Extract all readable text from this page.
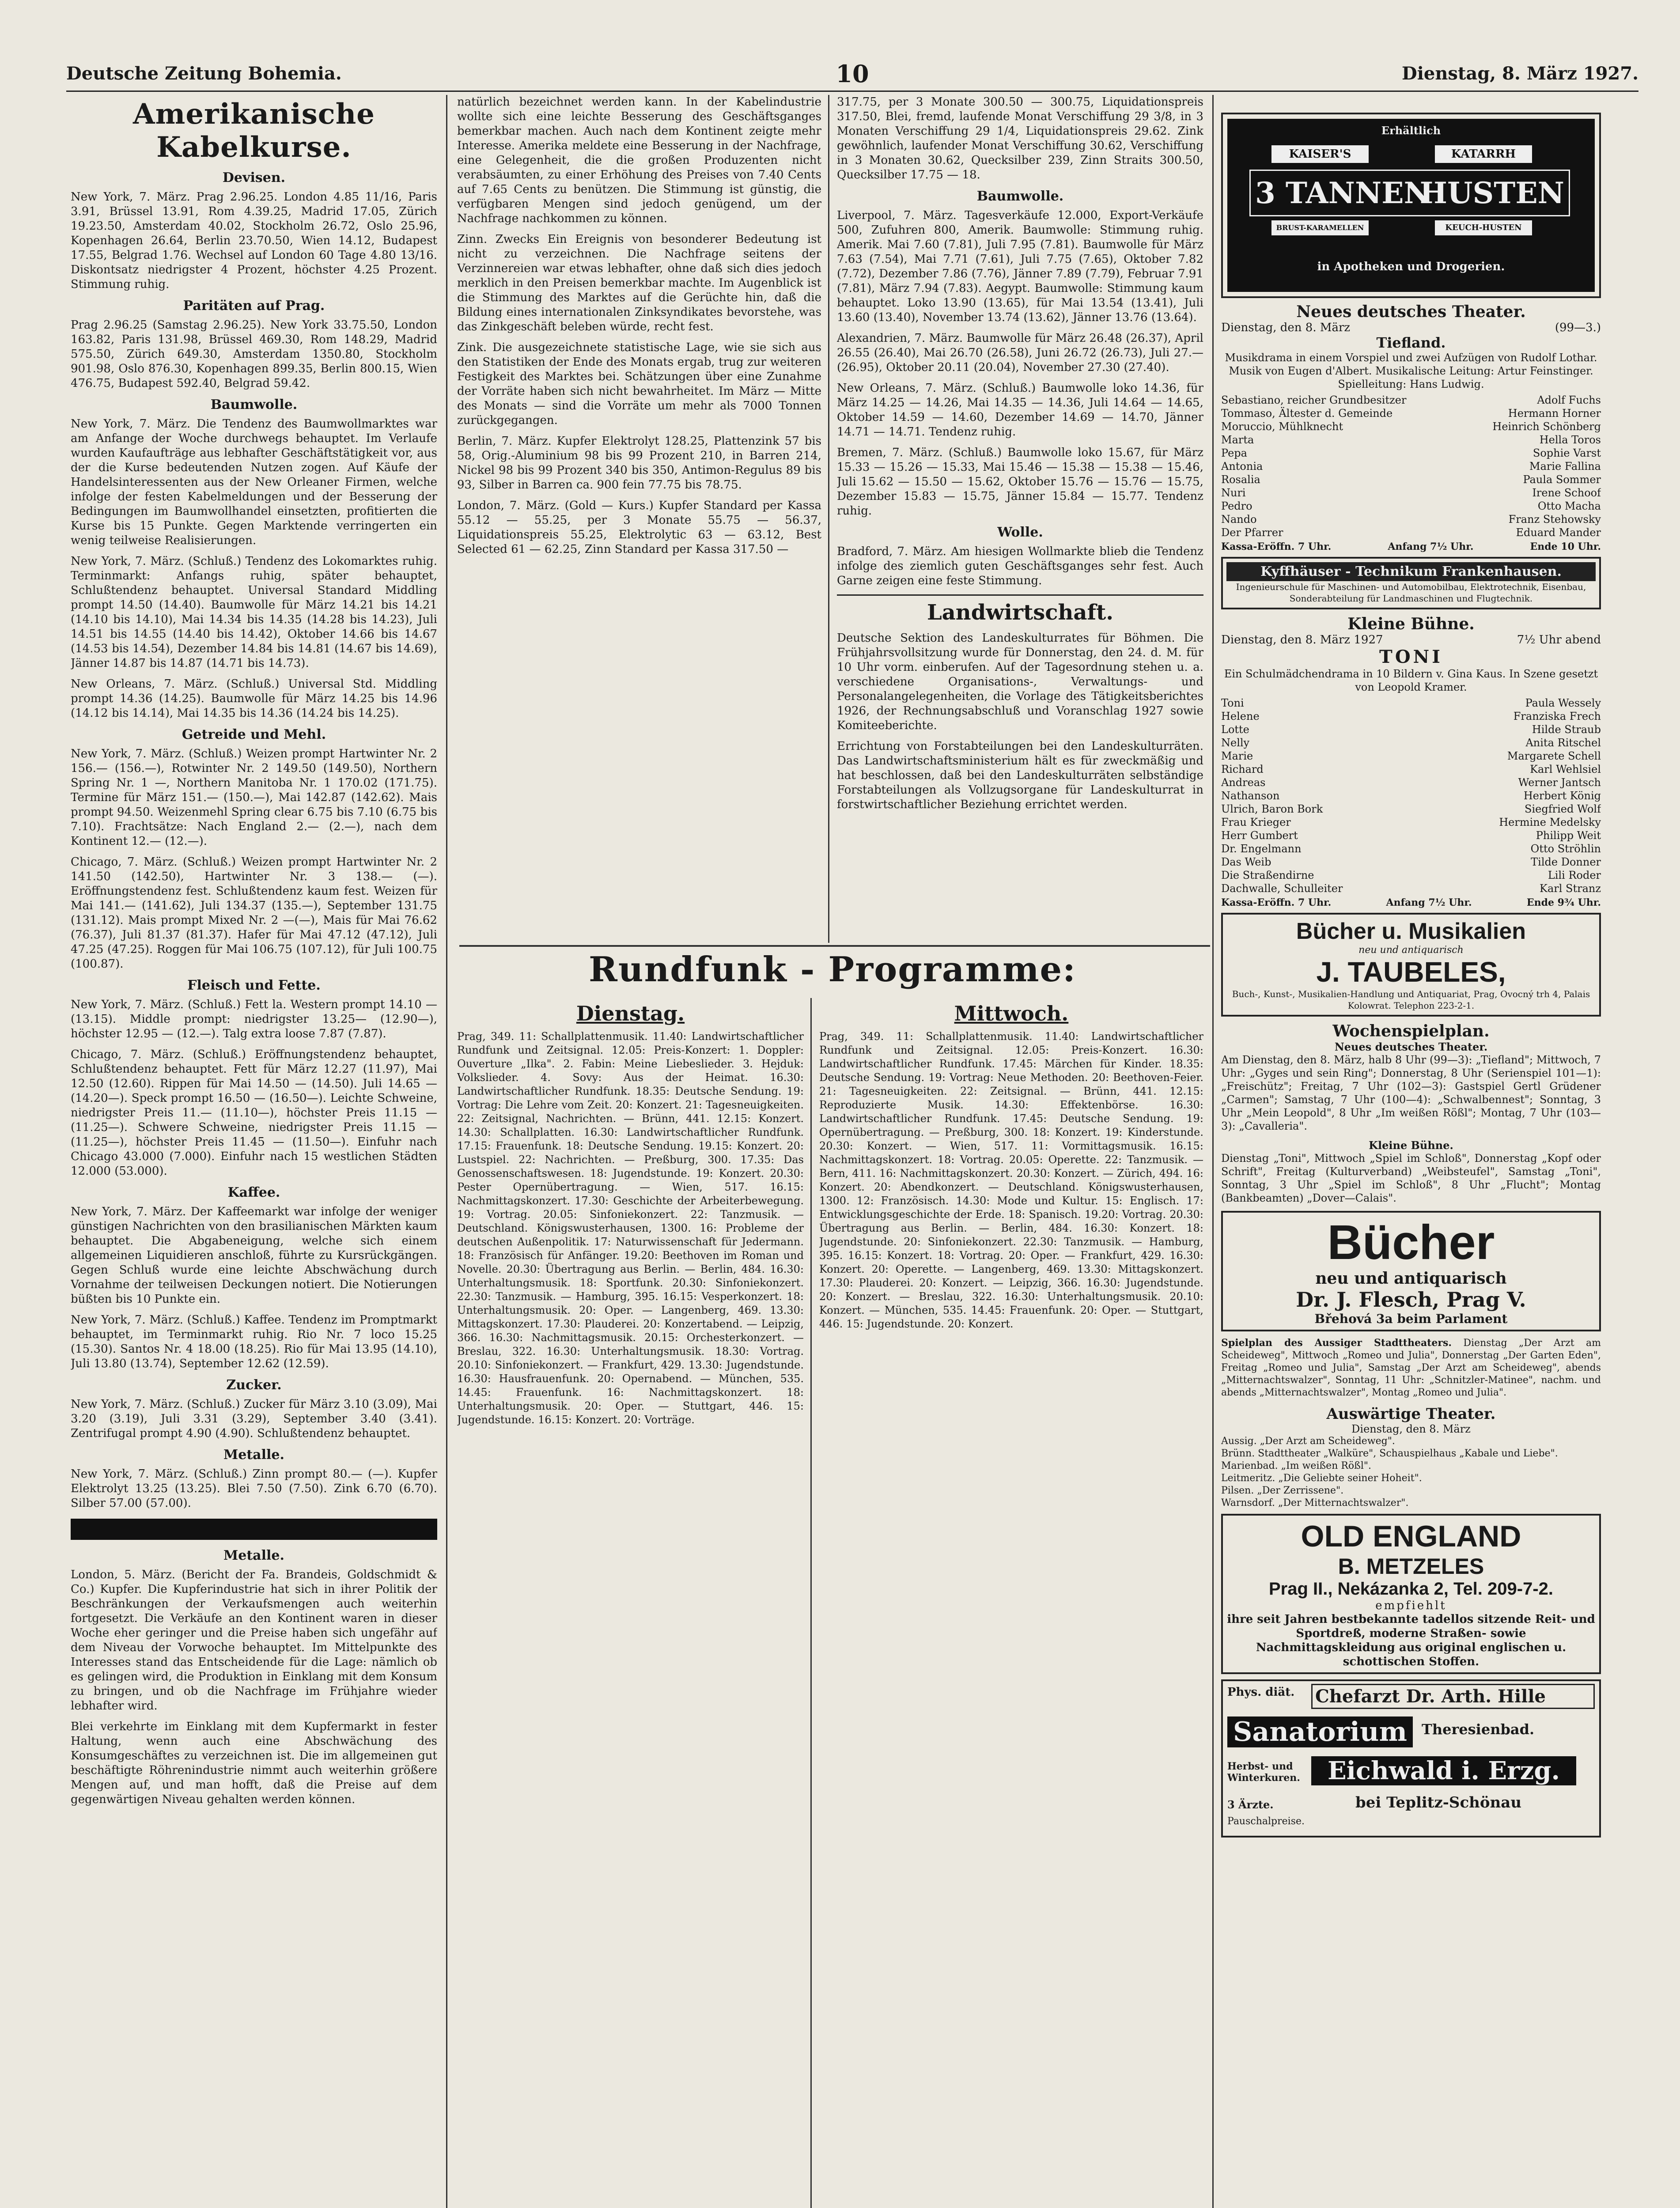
Deutsche Zeitung Bohemia.	10	Dienstag, 8. März 1927.
Amerikanische Kabelkurse.
Devisen.

New York, 7. März. Prag 2.96.25. London 4.85 11/16, Paris 3.91, Brüssel 13.91, Rom 4.39.25, Madrid 17.05, Zürich 19.23.50, Amsterdam 40.02, Stockholm 26.72, Oslo 25.96, Kopenhagen 26.64, Berlin 23.70.50, Wien 14.12, Budapest 17.55, Belgrad 1.76. Wechsel auf London 60 Tage 4.80 13/16. Diskontsatz niedrigster 4 Prozent, höchster 4.25 Prozent. Stimmung ruhig.

Paritäten auf Prag.

Prag 2.96.25 (Samstag 2.96.25). New York 33.75.50, London 163.82, Paris 131.98, Brüssel 469.30, Rom 148.29, Madrid 575.50, Zürich 649.30, Amsterdam 1350.80, Stockholm 901.98, Oslo 876.30, Kopenhagen 899.35, Berlin 800.15, Wien 476.75, Budapest 592.40, Belgrad 59.42.

Baumwolle.

New York, 7. März. Die Tendenz des Baumwollmarktes war am Anfange der Woche durchwegs behauptet. Im Verlaufe wurden Kaufaufträge aus lebhafter Geschäftstätigkeit vor, aus der die Kurse bedeutenden Nutzen zogen. Auf Käufe der Handelsinteressenten aus der New Orleaner Firmen, welche infolge der festen Kabelmeldungen und der Besserung der Bedingungen im Baumwollhandel einsetzten, profitierten die Kurse bis 15 Punkte. Gegen Marktende verringerten ein wenig teilweise Realisierungen.

New York, 7. März. (Schluß.) Tendenz des Lokomarktes ruhig. Terminmarkt: Anfangs ruhig, später behauptet, Schlußtendenz behauptet. Universal Standard Middling prompt 14.50 (14.40). Baumwolle für März 14.21 bis 14.21 (14.10 bis 14.10), Mai 14.34 bis 14.35 (14.28 bis 14.23), Juli 14.51 bis 14.55 (14.40 bis 14.42), Oktober 14.66 bis 14.67 (14.53 bis 14.54), Dezember 14.84 bis 14.81 (14.67 bis 14.69), Jänner 14.87 bis 14.87 (14.71 bis 14.73).

New Orleans, 7. März. (Schluß.) Universal Std. Middling prompt 14.36 (14.25). Baumwolle für März 14.25 bis 14.96 (14.12 bis 14.14), Mai 14.35 bis 14.36 (14.24 bis 14.25).

Getreide und Mehl.

New York, 7. März. (Schluß.) Weizen prompt Hartwinter Nr. 2 156.— (156.—), Rotwinter Nr. 2 149.50 (149.50), Northern Spring Nr. 1 —, Northern Manitoba Nr. 1 170.02 (171.75). Termine für März 151.— (150.—), Mai 142.87 (142.62). Mais prompt 94.50. Weizenmehl Spring clear 6.75 bis 7.10 (6.75 bis 7.10). Frachtsätze: Nach England 2.— (2.—), nach dem Kontinent 12.— (12.—).

Chicago, 7. März. (Schluß.) Weizen prompt Hartwinter Nr. 2 141.50 (142.50), Hartwinter Nr. 3 138.— (—). Eröffnungstendenz fest. Schlußtendenz kaum fest. Weizen für Mai 141.— (141.62), Juli 134.37 (135.—), September 131.75 (131.12). Mais prompt Mixed Nr. 2 —(—), Mais für Mai 76.62 (76.37), Juli 81.37 (81.37). Hafer für Mai 47.12 (47.12), Juli 47.25 (47.25). Roggen für Mai 106.75 (107.12), für Juli 100.75 (100.87).

Fleisch und Fette.

New York, 7. März. (Schluß.) Fett la. Western prompt 14.10 — (13.15). Middle prompt: niedrigster 13.25— (12.90—), höchster 12.95 — (12.—). Talg extra loose 7.87 (7.87).

Chicago, 7. März. (Schluß.) Eröffnungstendenz behauptet, Schlußtendenz behauptet. Fett für März 12.27 (11.97), Mai 12.50 (12.60). Rippen für Mai 14.50 — (14.50). Juli 14.65 — (14.20—). Speck prompt 16.50 — (16.50—). Leichte Schweine, niedrigster Preis 11.— (11.10—), höchster Preis 11.15 — (11.25—). Schwere Schweine, niedrigster Preis 11.15 — (11.25—), höchster Preis 11.45 — (11.50—). Einfuhr nach Chicago 43.000 (7.000). Einfuhr nach 15 westlichen Städten 12.000 (53.000).

Kaffee.

New York, 7. März. Der Kaffeemarkt war infolge der weniger günstigen Nachrichten von den brasilianischen Märkten kaum behauptet. Die Abgabeneigung, welche sich einem allgemeinen Liquidieren anschloß, führte zu Kursrückgängen. Gegen Schluß wurde eine leichte Abschwächung durch Vornahme der teilweisen Deckungen notiert. Die Notierungen büßten bis 10 Punkte ein.

New York, 7. März. (Schluß.) Kaffee. Tendenz im Promptmarkt behauptet, im Terminmarkt ruhig. Rio Nr. 7 loco 15.25 (15.30). Santos Nr. 4 18.00 (18.25). Rio für Mai 13.95 (14.10), Juli 13.80 (13.74), September 12.62 (12.59).

Zucker.

New York, 7. März. (Schluß.) Zucker für März 3.10 (3.09), Mai 3.20 (3.19), Juli 3.31 (3.29), September 3.40 (3.41). Zentrifugal prompt 4.90 (4.90). Schlußtendenz behauptet.

Metalle.

New York, 7. März. (Schluß.) Zinn prompt 80.— (—). Kupfer Elektrolyt 13.25 (13.25). Blei 7.50 (7.50). Zink 6.70 (6.70). Silber 57.00 (57.00).

Metalle.

London, 5. März. (Bericht der Fa. Brandeis, Goldschmidt & Co.) Kupfer. Die Kupferindustrie hat sich in ihrer Politik der Beschränkungen der Verkaufsmengen auch weiterhin fortgesetzt. Die Verkäufe an den Kontinent waren in dieser Woche eher geringer und die Preise haben sich ungefähr auf dem Niveau der Vorwoche behauptet. Im Mittelpunkte des Interesses stand das Entscheidende für die Lage: nämlich ob es gelingen wird, die Produktion in Einklang mit dem Konsum zu bringen, und ob die Nachfrage im Frühjahre wieder lebhafter wird.

Blei verkehrte im Einklang mit dem Kupfermarkt in fester Haltung, wenn auch eine Abschwächung des Konsumgeschäftes zu verzeichnen ist. Die im allgemeinen gut beschäftigte Röhrenindustrie nimmt auch weiterhin größere Mengen auf, und man hofft, daß die Preise auf dem gegenwärtigen Niveau gehalten werden können.

natürlich bezeichnet werden kann. In der Kabelindustrie wollte sich eine leichte Besserung des Geschäftsganges bemerkbar machen. Auch nach dem Kontinent zeigte mehr Interesse. Amerika meldete eine Besserung in der Nachfrage, eine Gelegenheit, die die großen Produzenten nicht verabsäumten, zu einer Erhöhung des Preises von 7.40 Cents auf 7.65 Cents zu benützen. Die Stimmung ist günstig, die verfügbaren Mengen sind jedoch genügend, um der Nachfrage nachkommen zu können.

Zinn. Zwecks Ein Ereignis von besonderer Bedeutung ist nicht zu verzeichnen. Die Nachfrage seitens der Verzinnereien war etwas lebhafter, ohne daß sich dies jedoch merklich in den Preisen bemerkbar machte. Im Augenblick ist die Stimmung des Marktes auf die Gerüchte hin, daß die Bildung eines internationalen Zinksyndikates bevorstehe, was das Zinkgeschäft beleben würde, recht fest.

Zink. Die ausgezeichnete statistische Lage, wie sie sich aus den Statistiken der Ende des Monats ergab, trug zur weiteren Festigkeit des Marktes bei. Schätzungen über eine Zunahme der Vorräte haben sich nicht bewahrheitet. Im März — Mitte des Monats — sind die Vorräte um mehr als 7000 Tonnen zurückgegangen.

Berlin, 7. März. Kupfer Elektrolyt 128.25, Plattenzink 57 bis 58, Orig.-Aluminium 98 bis 99 Prozent 210, in Barren 214, Nickel 98 bis 99 Prozent 340 bis 350, Antimon-Regulus 89 bis 93, Silber in Barren ca. 900 fein 77.75 bis 78.75.

London, 7. März. (Gold — Kurs.) Kupfer Standard per Kassa 55.12 — 55.25, per 3 Monate 55.75 — 56.37, Liquidationspreis 55.25, Elektrolytic 63 — 63.12, Best Selected 61 — 62.25, Zinn Standard per Kassa 317.50 —

317.75, per 3 Monate 300.50 — 300.75, Liquidationspreis 317.50, Blei, fremd, laufende Monat Verschiffung 29 3/8, in 3 Monaten Verschiffung 29 1/4, Liquidationspreis 29.62. Zink gewöhnlich, laufender Monat Verschiffung 30.62, Verschiffung in 3 Monaten 30.62, Quecksilber 239, Zinn Straits 300.50, Quecksilber 17.75 — 18.

Baumwolle.

Liverpool, 7. März. Tagesverkäufe 12.000, Export-Verkäufe 500, Zufuhren 800, Amerik. Baumwolle: Stimmung ruhig. Amerik. Mai 7.60 (7.81), Juli 7.95 (7.81). Baumwolle für März 7.63 (7.54), Mai 7.71 (7.61), Juli 7.75 (7.65), Oktober 7.82 (7.72), Dezember 7.86 (7.76), Jänner 7.89 (7.79), Februar 7.91 (7.81), März 7.94 (7.83). Aegypt. Baumwolle: Stimmung kaum behauptet. Loko 13.90 (13.65), für Mai 13.54 (13.41), Juli 13.60 (13.40), November 13.74 (13.62), Jänner 13.76 (13.64).

Alexandrien, 7. März. Baumwolle für März 26.48 (26.37), April 26.55 (26.40), Mai 26.70 (26.58), Juni 26.72 (26.73), Juli 27.— (26.95), Oktober 20.11 (20.04), November 27.30 (27.40).

New Orleans, 7. März. (Schluß.) Baumwolle loko 14.36, für März 14.25 — 14.26, Mai 14.35 — 14.36, Juli 14.64 — 14.65, Oktober 14.59 — 14.60, Dezember 14.69 — 14.70, Jänner 14.71 — 14.71. Tendenz ruhig.

Bremen, 7. März. (Schluß.) Baumwolle loko 15.67, für März 15.33 — 15.26 — 15.33, Mai 15.46 — 15.38 — 15.38 — 15.46, Juli 15.62 — 15.50 — 15.62, Oktober 15.76 — 15.76 — 15.75, Dezember 15.83 — 15.75, Jänner 15.84 — 15.77. Tendenz ruhig.

Wolle.

Bradford, 7. März. Am hiesigen Wollmarkte blieb die Tendenz infolge des ziemlich guten Geschäftsganges sehr fest. Auch Garne zeigen eine feste Stimmung.

Landwirtschaft.

Deutsche Sektion des Landeskulturrates für Böhmen. Die Frühjahrsvollsitzung wurde für Donnerstag, den 24. d. M. für 10 Uhr vorm. einberufen. Auf der Tagesordnung stehen u. a. verschiedene Organisations-, Verwaltungs- und Personalangelegenheiten, die Vorlage des Tätigkeitsberichtes 1926, der Rechnungsabschluß und Voranschlag 1927 sowie Komiteeberichte.

Errichtung von Forstabteilungen bei den Landeskulturräten. Das Landwirtschaftsministerium hält es für zweckmäßig und hat beschlossen, daß bei den Landeskulturräten selbständige Forstabteilungen als Vollzugsorgane für Landeskulturrat in forstwirtschaftlicher Beziehung errichtet werden.

Rundfunk - Programme:
Dienstag.

Prag, 349. 11: Schallplattenmusik. 11.40: Landwirtschaftlicher Rundfunk und Zeitsignal. 12.05: Preis-Konzert: 1. Doppler: Ouverture „Ilka". 2. Fabin: Meine Liebeslieder. 3. Hejduk: Volkslieder. 4. Sovy: Aus der Heimat. 16.30: Landwirtschaftlicher Rundfunk. 18.35: Deutsche Sendung. 19: Vortrag: Die Lehre vom Zeit. 20: Konzert. 21: Tagesneuigkeiten. 22: Zeitsignal, Nachrichten. — Brünn, 441. 12.15: Konzert. 14.30: Schallplatten. 16.30: Landwirtschaftlicher Rundfunk. 17.15: Frauenfunk. 18: Deutsche Sendung. 19.15: Konzert. 20: Lustspiel. 22: Nachrichten. — Preßburg, 300. 17.35: Das Genossenschaftswesen. 18: Jugendstunde. 19: Konzert. 20.30: Pester Opernübertragung. — Wien, 517. 16.15: Nachmittagskonzert. 17.30: Geschichte der Arbeiterbewegung. 19: Vortrag. 20.05: Sinfoniekonzert. 22: Tanzmusik. — Deutschland. Königswusterhausen, 1300. 16: Probleme der deutschen Außenpolitik. 17: Naturwissenschaft für Jedermann. 18: Französisch für Anfänger. 19.20: Beethoven im Roman und Novelle. 20.30: Übertragung aus Berlin. — Berlin, 484. 16.30: Unterhaltungsmusik. 18: Sportfunk. 20.30: Sinfoniekonzert. 22.30: Tanzmusik. — Hamburg, 395. 16.15: Vesperkonzert. 18: Unterhaltungsmusik. 20: Oper. — Langenberg, 469. 13.30: Mittagskonzert. 17.30: Plauderei. 20: Konzertabend. — Leipzig, 366. 16.30: Nachmittagsmusik. 20.15: Orchesterkonzert. — Breslau, 322. 16.30: Unterhaltungsmusik. 18.30: Vortrag. 20.10: Sinfoniekonzert. — Frankfurt, 429. 13.30: Jugendstunde. 16.30: Hausfrauenfunk. 20: Opernabend. — München, 535. 14.45: Frauenfunk. 16: Nachmittagskonzert. 18: Unterhaltungsmusik. 20: Oper. — Stuttgart, 446. 15: Jugendstunde. 16.15: Konzert. 20: Vorträge.

Mittwoch.

Prag, 349. 11: Schallplattenmusik. 11.40: Landwirtschaftlicher Rundfunk und Zeitsignal. 12.05: Preis-Konzert. 16.30: Landwirtschaftlicher Rundfunk. 17.45: Märchen für Kinder. 18.35: Deutsche Sendung. 19: Vortrag: Neue Methoden. 20: Beethoven-Feier. 21: Tagesneuigkeiten. 22: Zeitsignal. — Brünn, 441. 12.15: Reproduzierte Musik. 14.30: Effektenbörse. 16.30: Landwirtschaftlicher Rundfunk. 17.45: Deutsche Sendung. 19: Opernübertragung. — Preßburg, 300. 18: Konzert. 19: Kinderstunde. 20.30: Konzert. — Wien, 517. 11: Vormittagsmusik. 16.15: Nachmittagskonzert. 18: Vortrag. 20.05: Operette. 22: Tanzmusik. — Bern, 411. 16: Nachmittagskonzert. 20.30: Konzert. — Zürich, 494. 16: Konzert. 20: Abendkonzert. — Deutschland. Königswusterhausen, 1300. 12: Französisch. 14.30: Mode und Kultur. 15: Englisch. 17: Entwicklungsgeschichte der Erde. 18: Spanisch. 19.20: Vortrag. 20.30: Übertragung aus Berlin. — Berlin, 484. 16.30: Konzert. 18: Jugendstunde. 20: Sinfoniekonzert. 22.30: Tanzmusik. — Hamburg, 395. 16.15: Konzert. 18: Vortrag. 20: Oper. — Frankfurt, 429. 16.30: Konzert. 20: Operette. — Langenberg, 469. 13.30: Mittagskonzert. 17.30: Plauderei. 20: Konzert. — Leipzig, 366. 16.30: Jugendstunde. 20: Konzert. — Breslau, 322. 16.30: Unterhaltungsmusik. 20.10: Konzert. — München, 535. 14.45: Frauenfunk. 20: Oper. — Stuttgart, 446. 15: Jugendstunde. 20: Konzert.

Erhältlich
KAISER'S	KATARRH
3 TANNEN
HUSTEN
BRUST-KARAMELLEN	KEUCH-HUSTEN
in Apotheken und Drogerien.
Neues deutsches Theater.
Dienstag, den 8. März	(99—3.)
Tiefland.

Musikdrama in einem Vorspiel und zwei Aufzügen von Rudolf Lothar. Musik von Eugen d'Albert. Musikalische Leitung: Artur Feinstinger. Spielleitung: Hans Ludwig.

Sebastiano, reicher Grundbesitzer	Adolf Fuchs
Tommaso, Ältester d. Gemeinde	Hermann Horner
Moruccio, Mühlknecht	Heinrich Schönberg
Marta	Hella Toros
Pepa	Sophie Varst
Antonia	Marie Fallina
Rosalia	Paula Sommer
Nuri	Irene Schoof
Pedro	Otto Macha
Nando	Franz Stehowsky
Der Pfarrer	Eduard Mander
Kassa-Eröffn. 7 Uhr.	Anfang 7½ Uhr.	Ende 10 Uhr.
Kyffhäuser - Technikum Frankenhausen.
Ingenieurschule für Maschinen- und Automobilbau, Elektrotechnik, Eisenbau, Sonderabteilung für Landmaschinen und Flugtechnik.
Kleine Bühne.
Dienstag, den 8. März 1927	7½ Uhr abend
TONI

Ein Schulmädchendrama in 10 Bildern v. Gina Kaus. In Szene gesetzt von Leopold Kramer.

Toni	Paula Wessely
Helene	Franziska Frech
Lotte	Hilde Straub
Nelly	Anita Ritschel
Marie	Margarete Schell
Richard	Karl Wehlsiel
Andreas	Werner Jantsch
Nathanson	Herbert König
Ulrich, Baron Bork	Siegfried Wolf
Frau Krieger	Hermine Medelsky
Herr Gumbert	Philipp Weit
Dr. Engelmann	Otto Ströhlin
Das Weib	Tilde Donner
Die Straßendirne	Lili Roder
Dachwalle, Schulleiter	Karl Stranz
Kassa-Eröffn. 7 Uhr.	Anfang 7½ Uhr.	Ende 9¾ Uhr.
Bücher u. Musikalien
neu und antiquarisch
J. TAUBELES,
Buch-, Kunst-, Musikalien-Handlung und Antiquariat, Prag, Ovocný trh 4, Palais Kolowrat. Telephon 223-2-1.
Wochenspielplan.
Neues deutsches Theater.

Am Dienstag, den 8. März, halb 8 Uhr (99—3): „Tiefland"; Mittwoch, 7 Uhr: „Gyges und sein Ring"; Donnerstag, 8 Uhr (Serienspiel 101—1): „Freischütz"; Freitag, 7 Uhr (102—3): Gastspiel Gertl Grüdener „Carmen"; Samstag, 7 Uhr (100—4): „Schwalbennest"; Sonntag, 3 Uhr „Mein Leopold", 8 Uhr „Im weißen Rößl"; Montag, 7 Uhr (103—3): „Cavalleria".

Kleine Bühne.

Dienstag „Toni", Mittwoch „Spiel im Schloß", Donnerstag „Kopf oder Schrift", Freitag (Kulturverband) „Weibsteufel", Samstag „Toni", Sonntag, 3 Uhr „Spiel im Schloß", 8 Uhr „Flucht"; Montag (Bankbeamten) „Dover—Calais".

Bücher
neu und antiquarisch
Dr. J. Flesch, Prag V.
Břehová 3a beim Parlament

Spielplan des Aussiger Stadttheaters. Dienstag „Der Arzt am Scheideweg", Mittwoch „Romeo und Julia", Donnerstag „Der Garten Eden", Freitag „Romeo und Julia", Samstag „Der Arzt am Scheideweg", abends „Mitternachtswalzer", Sonntag, 11 Uhr: „Schnitzler-Matinee", nachm. und abends „Mitternachtswalzer", Montag „Romeo und Julia".

Auswärtige Theater.
Dienstag, den 8. März
Aussig. „Der Arzt am Scheideweg".
Brünn. Stadttheater „Walküre", Schauspielhaus „Kabale und Liebe".
Marienbad. „Im weißen Rößl".
Leitmeritz. „Die Geliebte seiner Hoheit".
Pilsen. „Der Zerrissene".
Warnsdorf. „Der Mitternachtswalzer".
OLD ENGLAND
B. METZELES
Prag II., Nekázanka 2, Tel. 209-7-2.
empfiehlt
ihre seit Jahren bestbekannte tadellos sitzende Reit- und Sportdreß, moderne Straßen- sowie Nachmittagskleidung aus original englischen u. schottischen Stoffen.
Phys. diät. Chefarzt Dr. Arth. Hille
Sanatorium	Theresienbad.
Herbst- und Winterkuren.	Eichwald i. Erzg.
3 Ärzte.	bei Teplitz-Schönau
Pauschalpreise.
